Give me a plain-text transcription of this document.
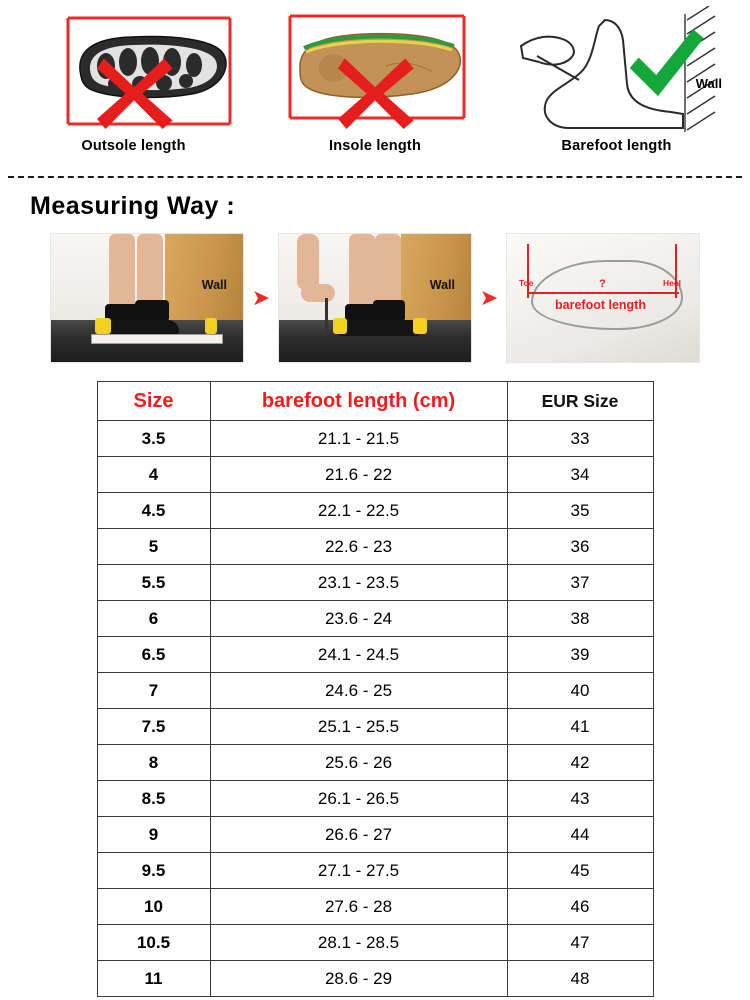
Outsole length	Insole length
Wall
Barefoot length
Measuring Way :
Wall	➤	Wall	➤
Toe	Heel
?
barefoot length
Size	barefoot length (cm)	EUR Size
3.5	21.1 - 21.5	33
4	21.6 - 22	34
4.5	22.1 - 22.5	35
5	22.6 - 23	36
5.5	23.1 - 23.5	37
6	23.6 - 24	38
6.5	24.1 - 24.5	39
7	24.6 - 25	40
7.5	25.1 - 25.5	41
8	25.6 - 26	42
8.5	26.1 - 26.5	43
9	26.6 - 27	44
9.5	27.1 - 27.5	45
10	27.6 - 28	46
10.5	28.1 - 28.5	47
11	28.6 - 29	48
